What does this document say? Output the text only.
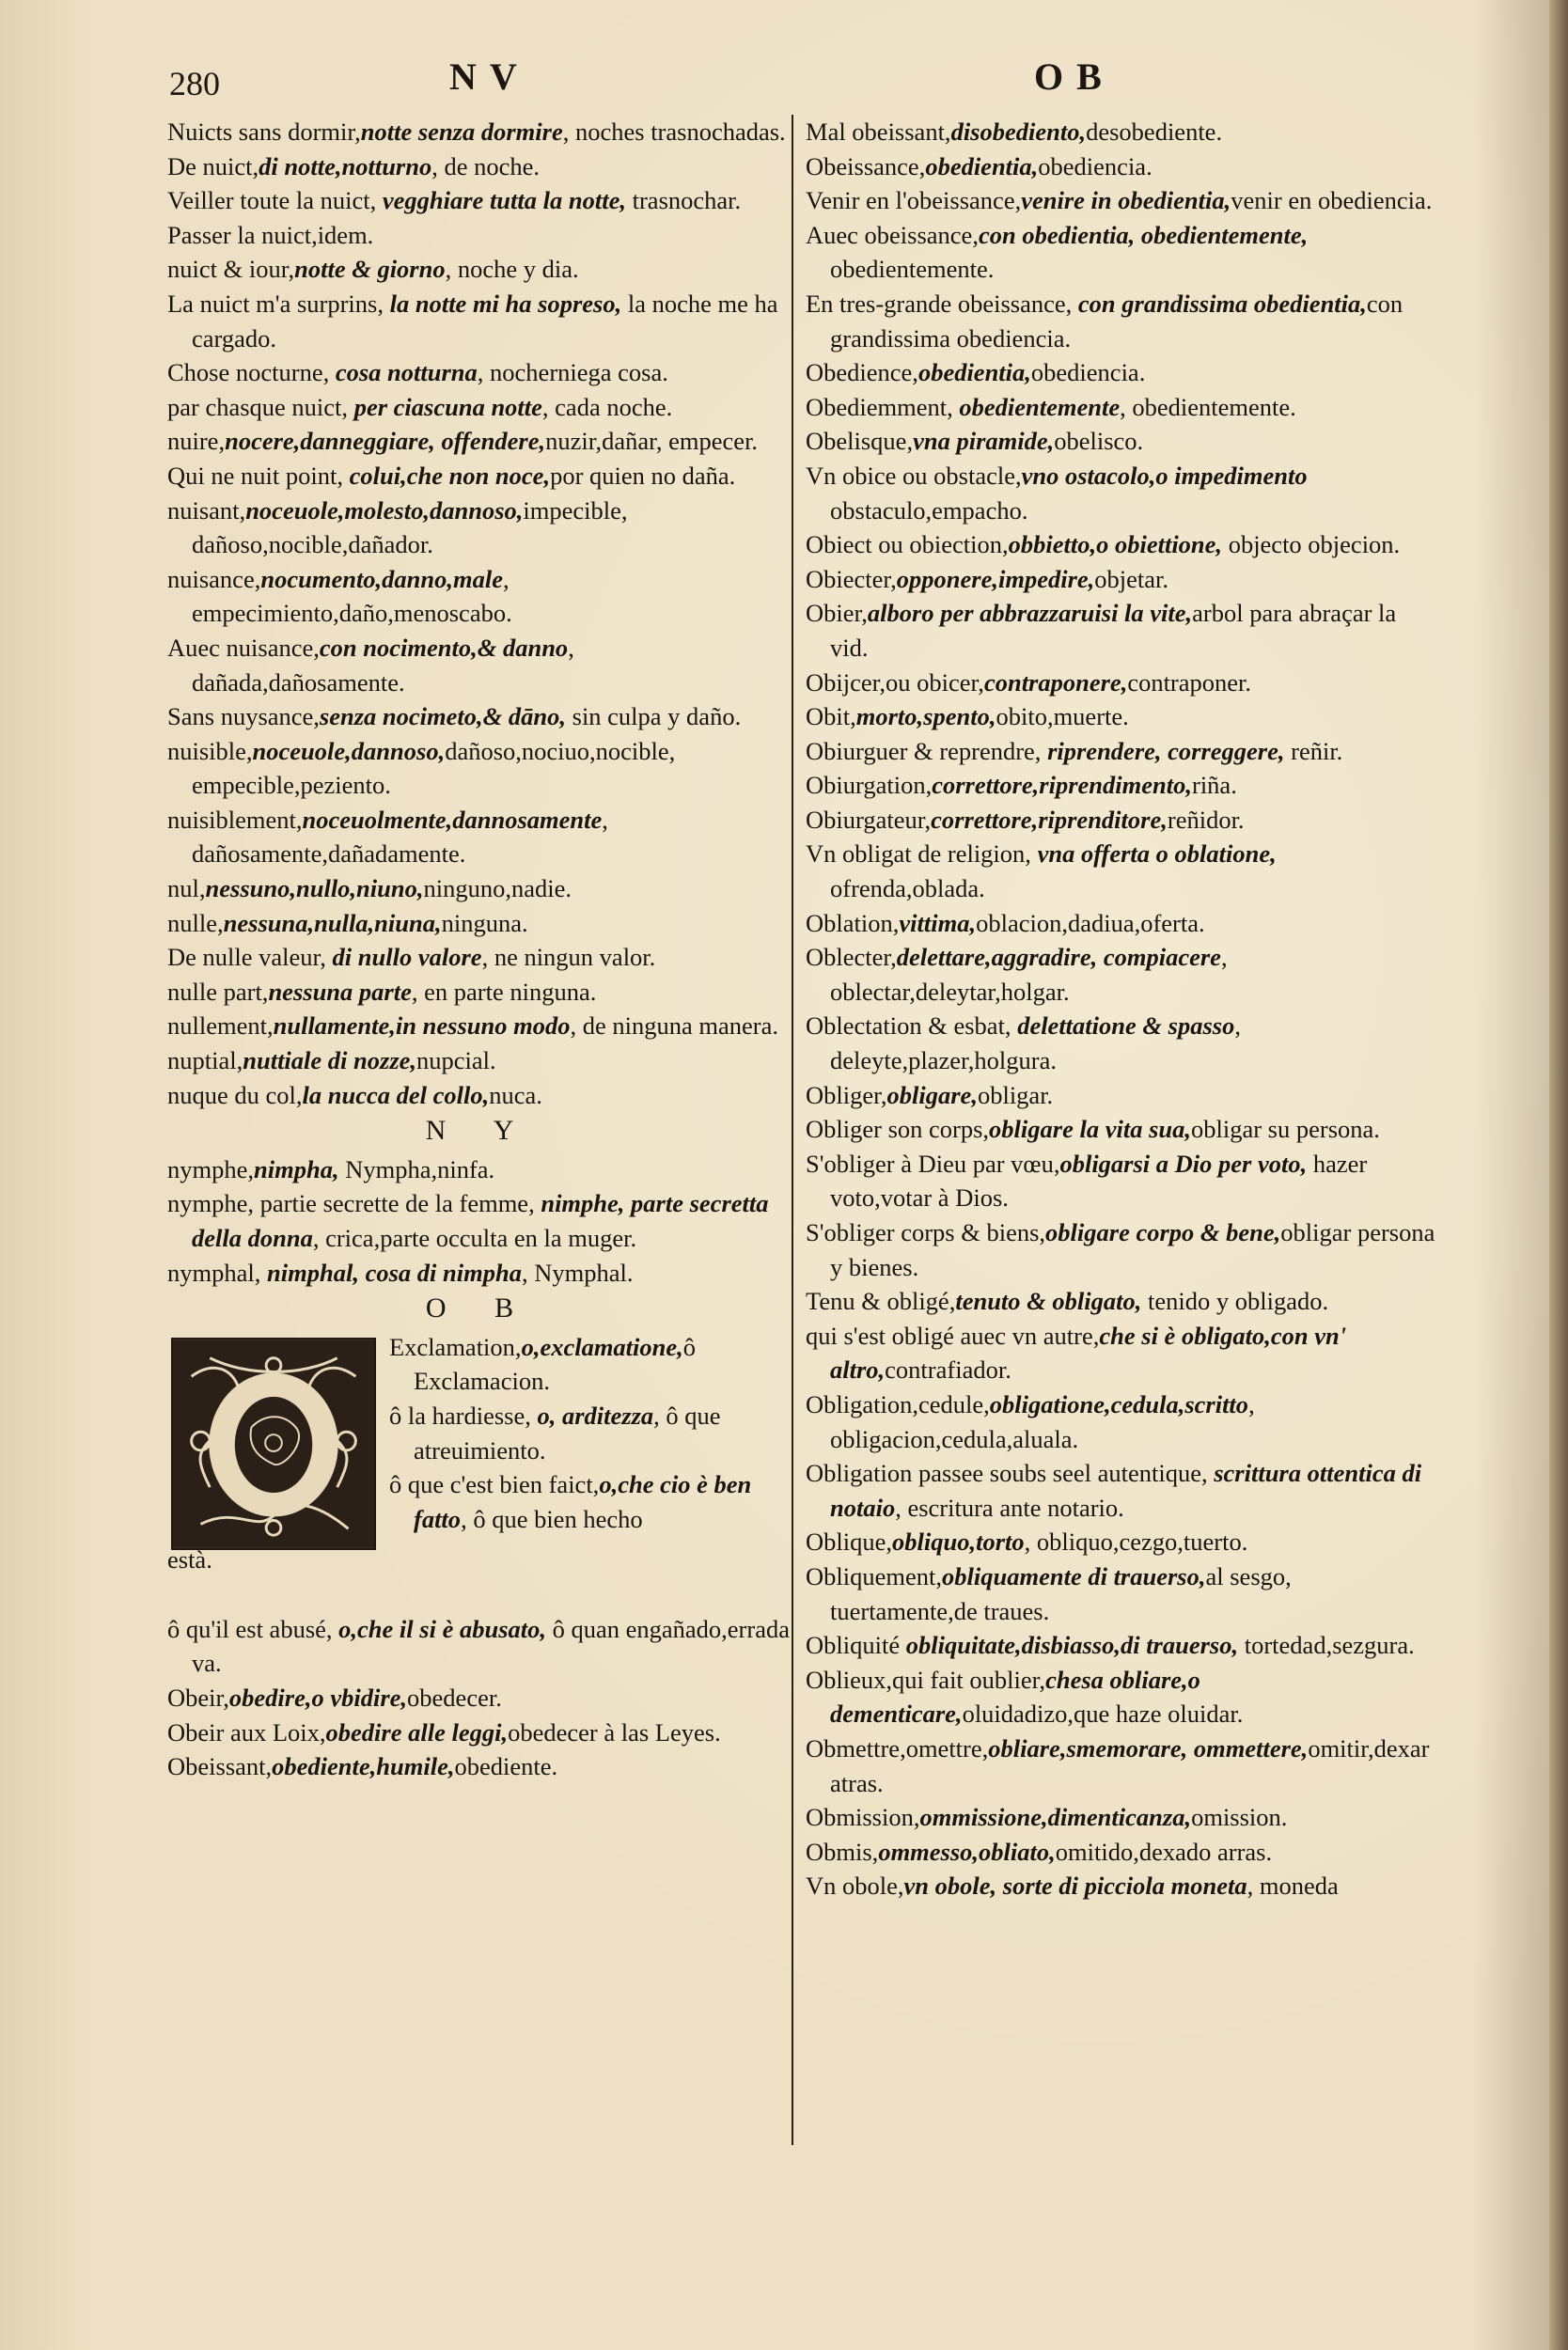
280	NV	OB

Nuicts sans dormir,notte senza dormire, noches trasnochadas.

De nuict,di notte,notturno, de noche.

Veiller toute la nuict, vegghiare tutta la notte, trasnochar.

Passer la nuict,idem.

nuict & iour,notte & giorno, noche y dia.

La nuict m'a surprins, la notte mi ha sopreso, la noche me ha cargado.

Chose nocturne, cosa notturna, nocherniega cosa.

par chasque nuict, per ciascuna notte, cada noche.

nuire,nocere,danneggiare, offendere,nuzir,dañar, empecer.

Qui ne nuit point, colui,che non noce,por quien no daña.

nuisant,noceuole,molesto,dannoso,impecible, dañoso,nocible,dañador.

nuisance,nocumento,danno,male, empecimiento,daño,menoscabo.

Auec nuisance,con nocimento,& danno, dañada,dañosamente.

Sans nuysance,senza nocimeto,& dāno, sin culpa y daño.

nuisible,noceuole,dannoso,dañoso,nociuo,nocible, empecible,peziento.

nuisiblement,noceuolmente,dannosamente, dañosamente,dañadamente.

nul,nessuno,nullo,niuno,ninguno,nadie.

nulle,nessuna,nulla,niuna,ninguna.

De nulle valeur, di nullo valore, ne ningun valor.

nulle part,nessuna parte, en parte ninguna.

nullement,nullamente,in nessuno modo, de ninguna manera.

nuptial,nuttiale di nozze,nupcial.

nuque du col,la nucca del collo,nuca.

N Y

nymphe,nimpha, Nympha,ninfa.

nymphe, partie secrette de la femme, nimphe, parte secretta della donna, crica,parte occulta en la muger.

nymphal, nimphal, cosa di nimpha, Nymphal.

O B

Exclamation,o,exclamatione,ô Exclamacion.

ô la hardiesse, o, arditezza, ô que atreuimiento.

ô que c'est bien faict,o,che cio è ben fatto, ô que bien hecho

està.

ô qu'il est abusé, o,che il si è abusato, ô quan engañado,errada va.

Obeir,obedire,o vbidire,obedecer.

Obeir aux Loix,obedire alle leggi,obedecer à las Leyes.

Obeissant,obediente,humile,obediente.

Mal obeissant,disobediento,desobediente.

Obeissance,obedientia,obediencia.

Venir en l'obeissance,venire in obedientia,venir en obediencia.

Auec obeissance,con obedientia, obedientemente, obedientemente.

En tres-grande obeissance, con grandissima obedientia,con grandissima obediencia.

Obedience,obedientia,obediencia.

Obediemment, obedientemente, obedientemente.

Obelisque,vna piramide,obelisco.

Vn obice ou obstacle,vno ostacolo,o impedimento obstaculo,empacho.

Obiect ou obiection,obbietto,o obiettione, objecto objecion.

Obiecter,opponere,impedire,objetar.

Obier,alboro per abbrazzaruisi la vite,arbol para abraçar la vid.

Obijcer,ou obicer,contraponere,contraponer.

Obit,morto,spento,obito,muerte.

Obiurguer & reprendre, riprendere, correggere, reñir.

Obiurgation,correttore,riprendimento,riña.

Obiurgateur,correttore,riprenditore,reñidor.

Vn obligat de religion, vna offerta o oblatione, ofrenda,oblada.

Oblation,vittima,oblacion,dadiua,oferta.

Oblecter,delettare,aggradire, compiacere, oblectar,deleytar,holgar.

Oblectation & esbat, delettatione & spasso, deleyte,plazer,holgura.

Obliger,obligare,obligar.

Obliger son corps,obligare la vita sua,obligar su persona.

S'obliger à Dieu par vœu,obligarsi a Dio per voto, hazer voto,votar à Dios.

S'obliger corps & biens,obligare corpo & bene,obligar persona y bienes.

Tenu & obligé,tenuto & obligato, tenido y obligado.

qui s'est obligé auec vn autre,che si è obligato,con vn' altro,contrafiador.

Obligation,cedule,obligatione,cedula,scritto, obligacion,cedula,aluala.

Obligation passee soubs seel autentique, scrittura ottentica di notaio, escritura ante notario.

Oblique,obliquo,torto, obliquo,cezgo,tuerto.

Obliquement,obliquamente di trauerso,al sesgo, tuertamente,de traues.

Obliquité obliquitate,disbiasso,di trauerso, tortedad,sezgura.

Oblieux,qui fait oublier,chesa obliare,o dementicare,oluidadizo,que haze oluidar.

Obmettre,omettre,obliare,smemorare, ommettere,omitir,dexar atras.

Obmission,ommissione,dimenticanza,omission.

Obmis,ommesso,obliato,omitido,dexado arras.

Vn obole,vn obole, sorte di picciola moneta, moneda
